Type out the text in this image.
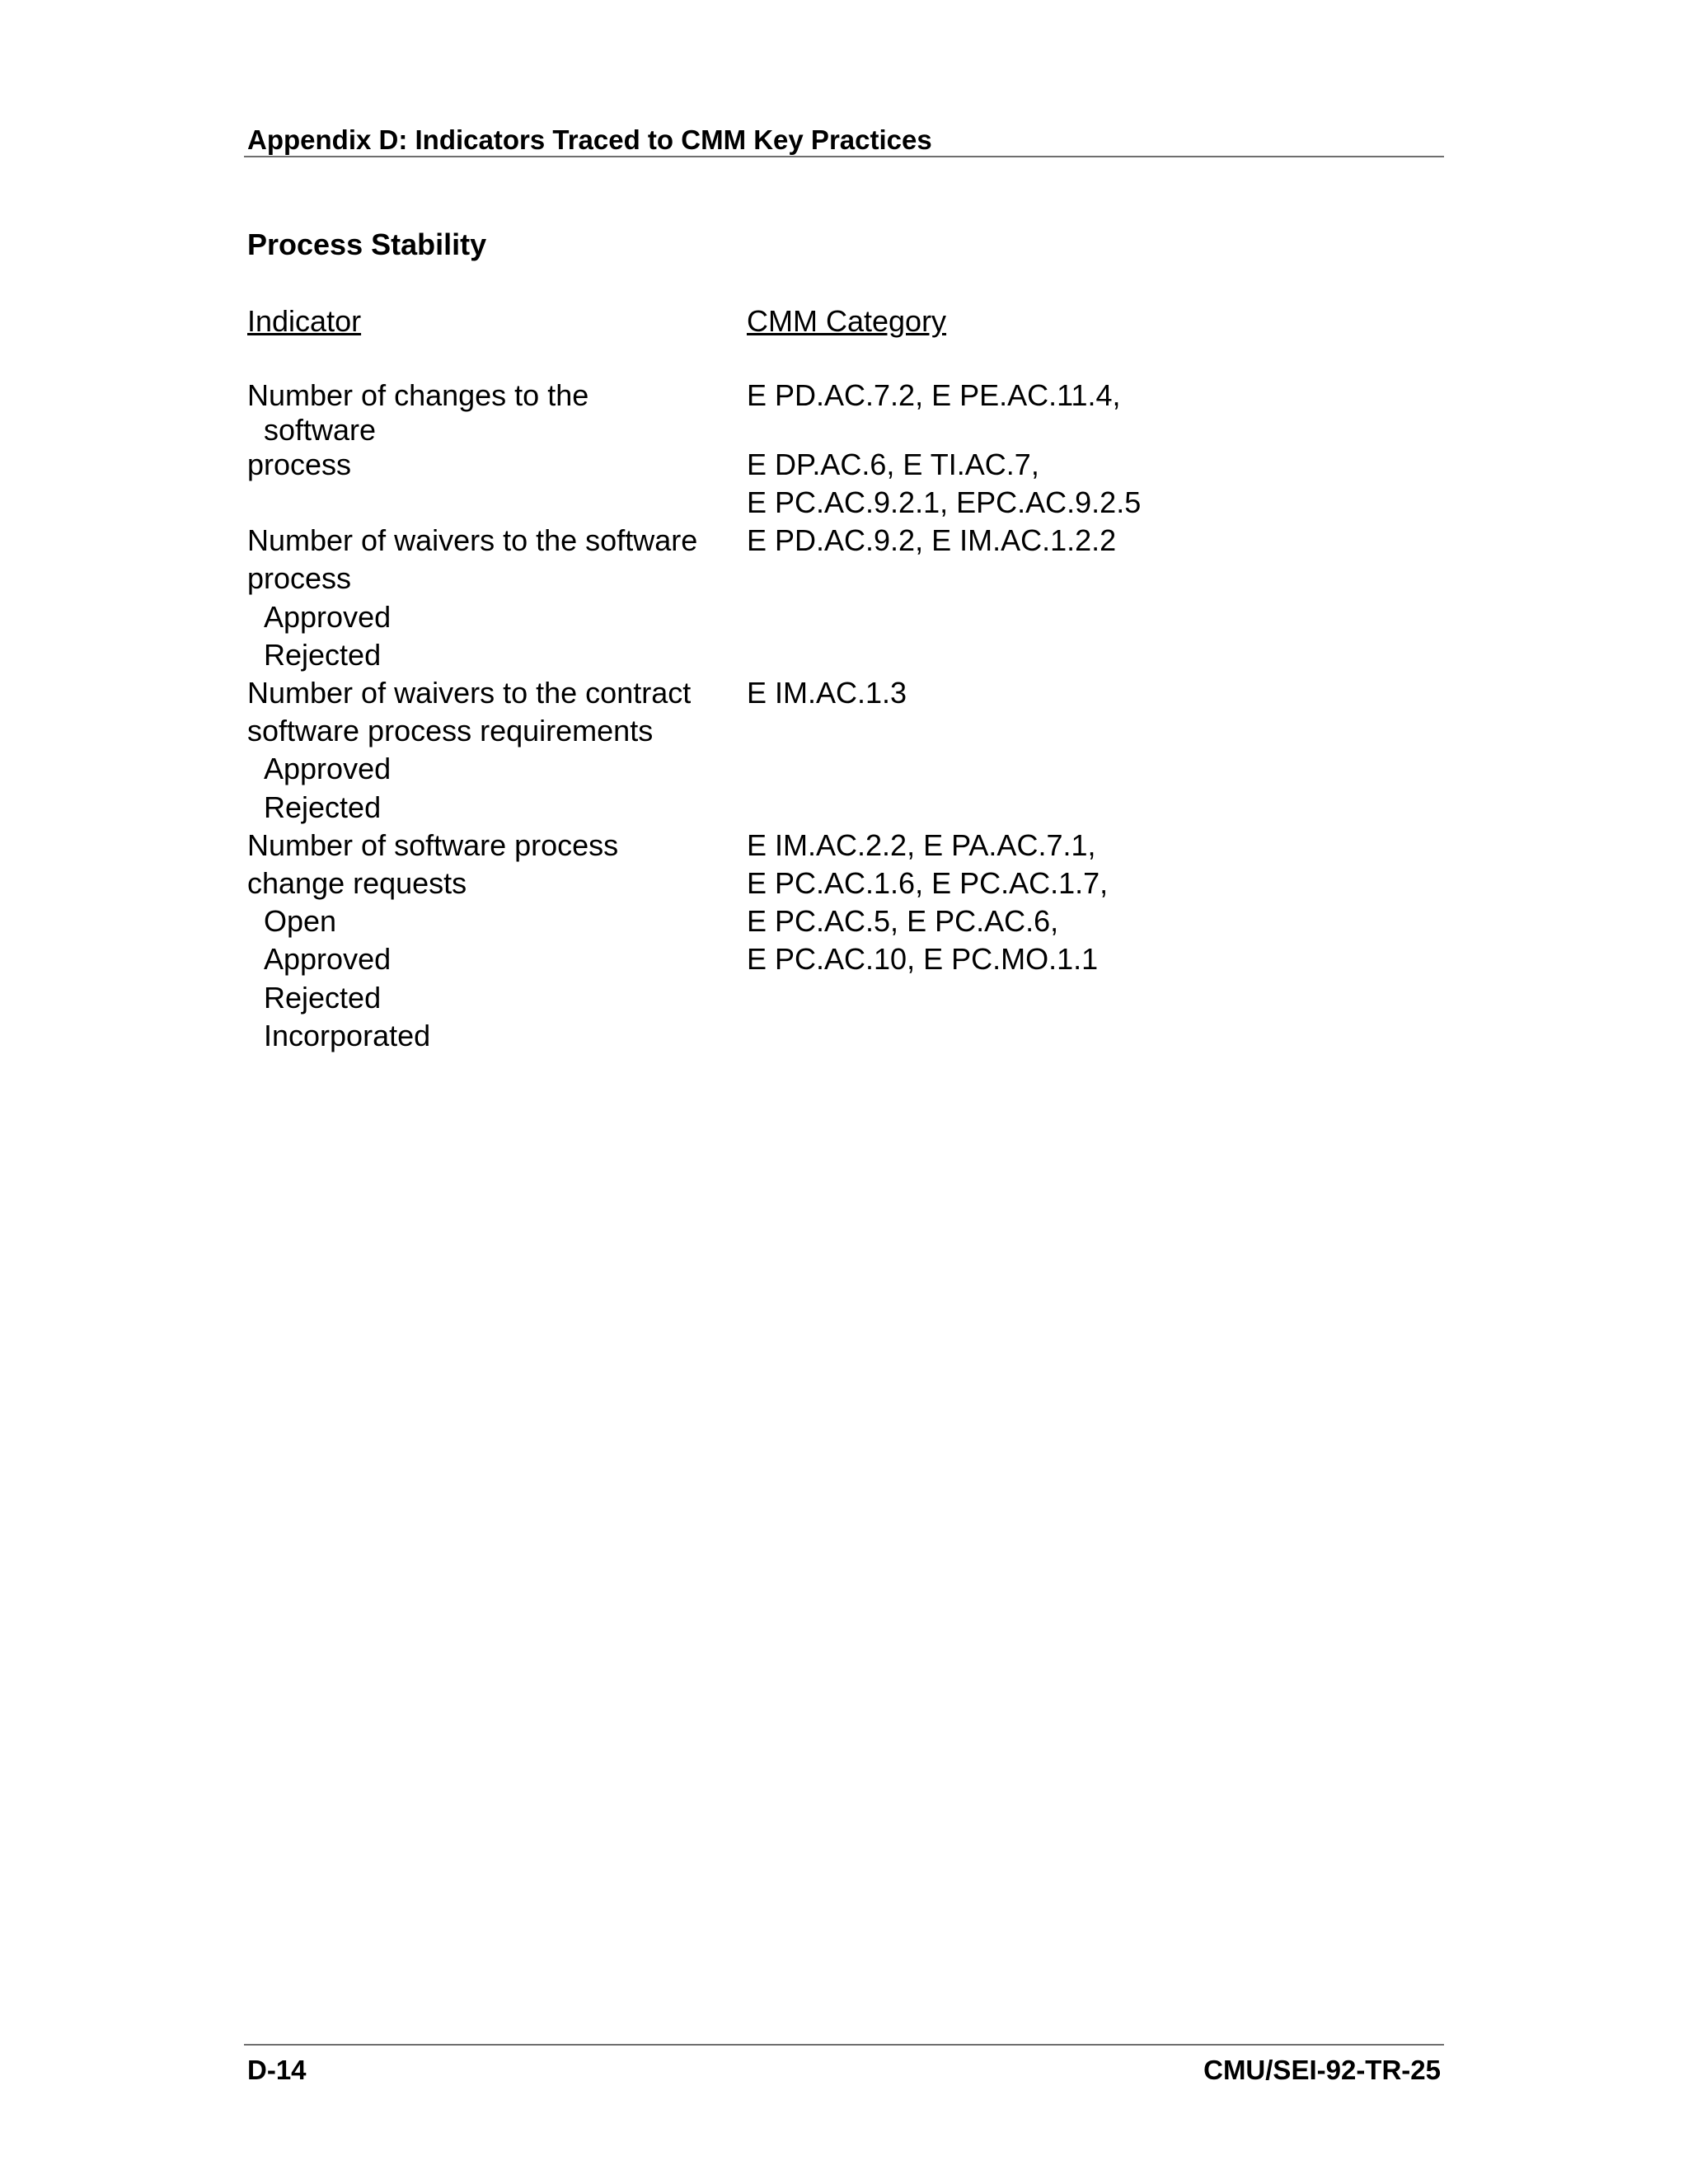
Appendix D: Indicators Traced to CMM Key Practices
Process Stability
Indicator	CMM Category
Number of changes to the
software
process
Number of waivers to the software
process
Approved
Rejected
Number of waivers to the contract
software process requirements
Approved
Rejected
Number of software process
change requests
Open
Approved
Rejected
Incorporated
E PD.AC.7.2, E PE.AC.11.4,
E DP.AC.6, E TI.AC.7,
E PC.AC.9.2.1, EPC.AC.9.2.5
E PD.AC.9.2, E IM.AC.1.2.2
E IM.AC.1.3
E IM.AC.2.2, E PA.AC.7.1,
E PC.AC.1.6, E PC.AC.1.7,
E PC.AC.5, E PC.AC.6,
E PC.AC.10, E PC.MO.1.1
D-14	CMU/SEI-92-TR-25
